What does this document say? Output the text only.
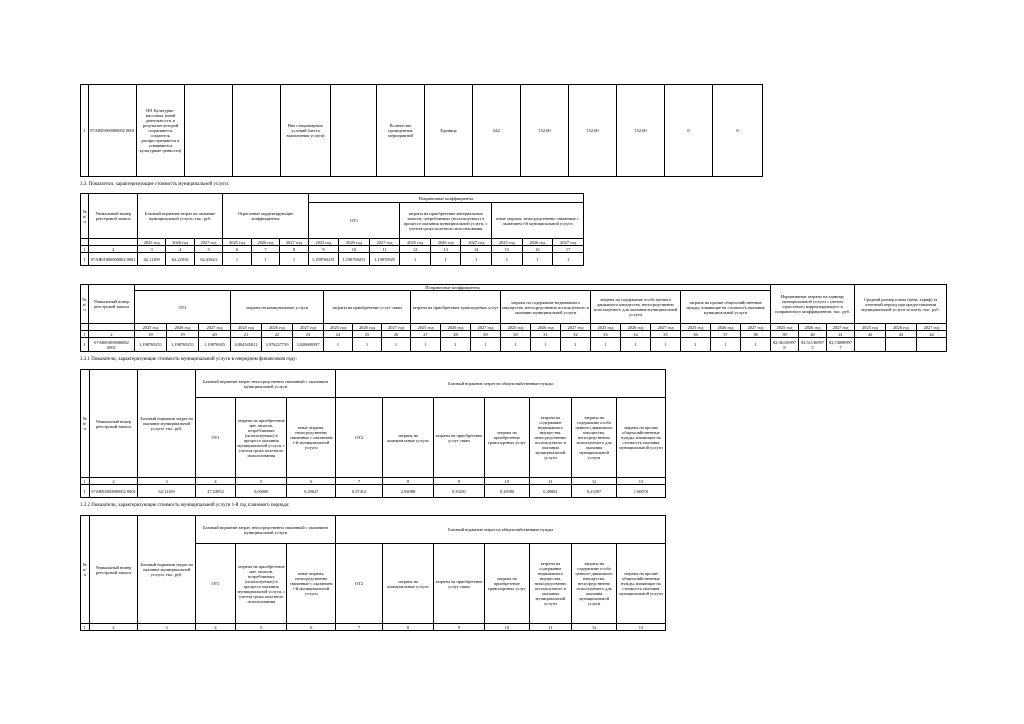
1	07АЯ01000000002 0001	001 Культурно-массовых (иной деятельности, в результате которой сохраняются, создаются, распространяются и осваиваются культурные ценности)			Вне стационарных условий (места выполнения услуги)		Количество проведенных мероприятий	Единица	642	152,00	152,00	152,00	0	0
3.3. Показатели, характеризующие стоимость муниципальной услуги:
№ п/п	Уникальный номер реестровой записи	Базовый норматив затрат на оказание муниципальной услуги, тыс. руб.			Отраслевые корректирующие коэффициенты			Поправочные коэффициенты								
								ОТ1			затраты на приобретение материальных запасов, потребляемых (используемых) в процессе оказания муниципальной услуги, с учетом срока полезного использования			иные затраты, непосредственно связанные с оказанием i-й муниципальной услуги		
		2025 год	2026 год	2027 год	2025 год	2026 год	2027 год	2025 год	2026 год	2027 год	2025 год	2026 год	2027 год	2025 год	2026 год	2027 год
1	2	3	4	5	6	7	8	9	10	11	12	13	14	15	16	17
1	07АЯ01000000002 0001	62,11109	62,22910	62,41623	1	1	1	1,198769251	1,198769251	1,19876925	1	1	1	1	1	1
№ п/п	Уникальный номер реестровой записи	Поправочные коэффициенты																					Нормативные затраты на единицу муниципальной услуги с учетом отраслевого корректирующего и поправочного коэффициентов, тыс. руб.			Средний размер платы (цена, тариф) за отчетный период при предоставлении муниципальной услуги за плату, тыс. руб.		
		ОТ2			затраты на коммунальные услуги			затраты на приобретение услуг связи			затраты на приобретение транспортных услуг			затраты на содержание недвижимого имущества, непосредственно используемого в оказании муниципальной услуги			затраты на содержание особо ценного движимого имущества, непосредственно используемого для оказания муниципальной услуги			затраты на прочие общехозяйственные нужды, влияющие на стоимость оказания муниципальной услуги								
		2025 год	2026 год	2027 год	2025 год	2026 год	2027 год	2025 год	2026 год	2027 год	2025 год	2026 год	2027 год	2025 год	2026 год	2027 год	2025 год	2026 год	2027 год	2025 год	2026 год	2027 год	2025 год	2026 год	2027 год	2025 год	2026 год	2027 год
1	2	18	19	20	21	22	23	24	25	26	27	28	29	30	31	32	33	34	35	36	37	38	39	40	41	42	43	44
1	07АЯ01000000002 0001	1,198769251	1,198769251	1,19876925	4,884545812	3,976237739	3,020689397	1	1	1	1	1	1	1	1	1	1	1	1	1	1	1	82,36156997 8	82,51136997 5	82,74088997 7			
3.3.1 Показатели, характеризующие стоимость муниципальной услуги в очередном финансовом году:
№ п/п	Уникальный номер реестровой записи	Базовый норматив затрат на оказание муниципальной услуги, тыс. руб.	Базовый норматив затрат, непосредственно связанный с оказанием муниципальной услуги			Базовый норматив затрат на общехозяйственные нужды						
			ОТ1	затраты на приобретение мат. запасов, потребляемых (используемых) в процессе оказания муниципальной услуги, с учетом срока полезного использования	иные затраты, непосредственно связанные с оказанием i-й муниципальной услуги	ОТ2	затраты на коммунальные услуги	затраты на приобретение услуг связи	затраты на приобретение транспортных услуг	затраты на содержание недвижимого имущества, непосредственно используемого в оказании муниципальной услуги	затраты на содержание особо ценного движимого имущества, непосредственно используемого для оказания муниципальной услуги	затраты на прочие общехозяйственные нужды, влияющие на стоимость оказания муниципальной услуги
1	2	3	4	5	6	7	8	9	10	11	12	13
1	07АЯ01000000002 0001	62,11109	47,52852	0,00000	0,29627	0,57412	2,94088	0,33201	0,10580	0,49002	0,23397	1,60070
3.3.2 Показатели, характеризующие стоимость муниципальной услуги 1-й год планового периода:
№ п/п	Уникальный номер реестровой записи	Базовый норматив затрат на оказание муниципальной услуги, тыс. руб.	Базовый норматив затрат, непосредственно связанный с оказанием муниципальной услуги			Базовый норматив затрат на общехозяйственные нужды						
			ОТ1	затраты на приобретение мат. запасов, потребляемых (используемых) в процессе оказания муниципальной услуги, с учетом срока полезного использования	иные затраты, непосредственно связанные с оказанием i-й муниципальной услуги	ОТ2	затраты на коммунальные услуги	затраты на приобретение услуг связи	затраты на приобретение транспортных услуг	затраты на содержание недвижимого имущества, непосредственно используемого в оказании муниципальной услуги	затраты на содержание особо ценного движимого имущества, непосредственно используемого для оказания муниципальной услуги	затраты на прочие общехозяйственные нужды, влияющие на стоимость оказания муниципальной услуги
1	2	3	4	5	6	7	8	9	10	11	12	13
